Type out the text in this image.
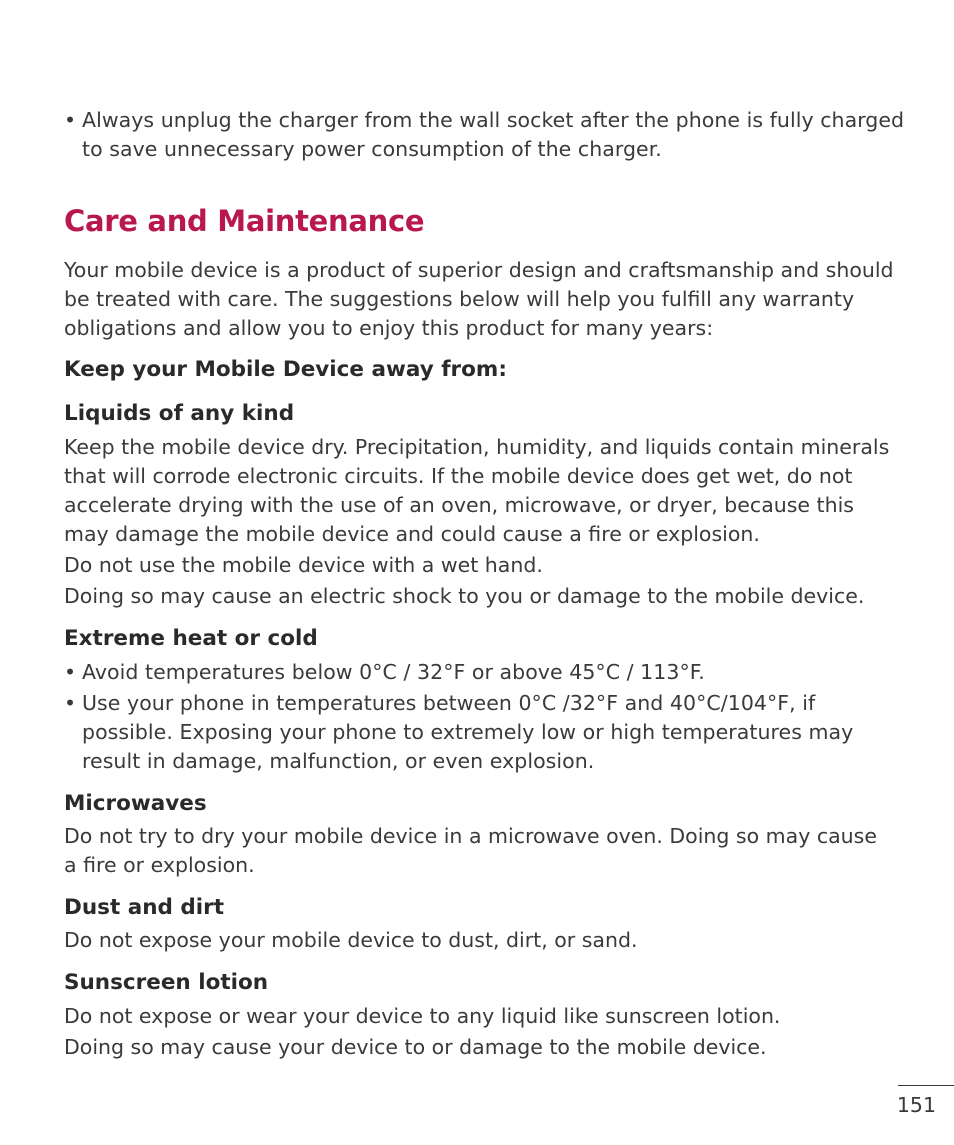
• Always unplug the charger from the wall socket after the phone is fully charged to save unnecessary power consumption of the charger.
Care and Maintenance

Your mobile device is a product of superior design and craftsmanship and should be treated with care. The suggestions below will help you fulfill any warranty obligations and allow you to enjoy this product for many years:

Keep your Mobile Device away from:
Liquids of any kind

Keep the mobile device dry. Precipitation, humidity, and liquids contain minerals that will corrode electronic circuits. If the mobile device does get wet, do not accelerate drying with the use of an oven, microwave, or dryer, because this may damage the mobile device and could cause a fire or explosion.

Do not use the mobile device with a wet hand.

Doing so may cause an electric shock to you or damage to the mobile device.

Extreme heat or cold
• Avoid temperatures below 0°C / 32°F or above 45°C / 113°F.
• Use your phone in temperatures between 0°C /32°F and 40°C/104°F, if possible. Exposing your phone to extremely low or high temperatures may result in damage, malfunction, or even explosion.
Microwaves

Do not try to dry your mobile device in a microwave oven. Doing so may cause a fire or explosion.

Dust and dirt

Do not expose your mobile device to dust, dirt, or sand.

Sunscreen lotion

Do not expose or wear your device to any liquid like sunscreen lotion.

Doing so may cause your device to or damage to the mobile device.

151
